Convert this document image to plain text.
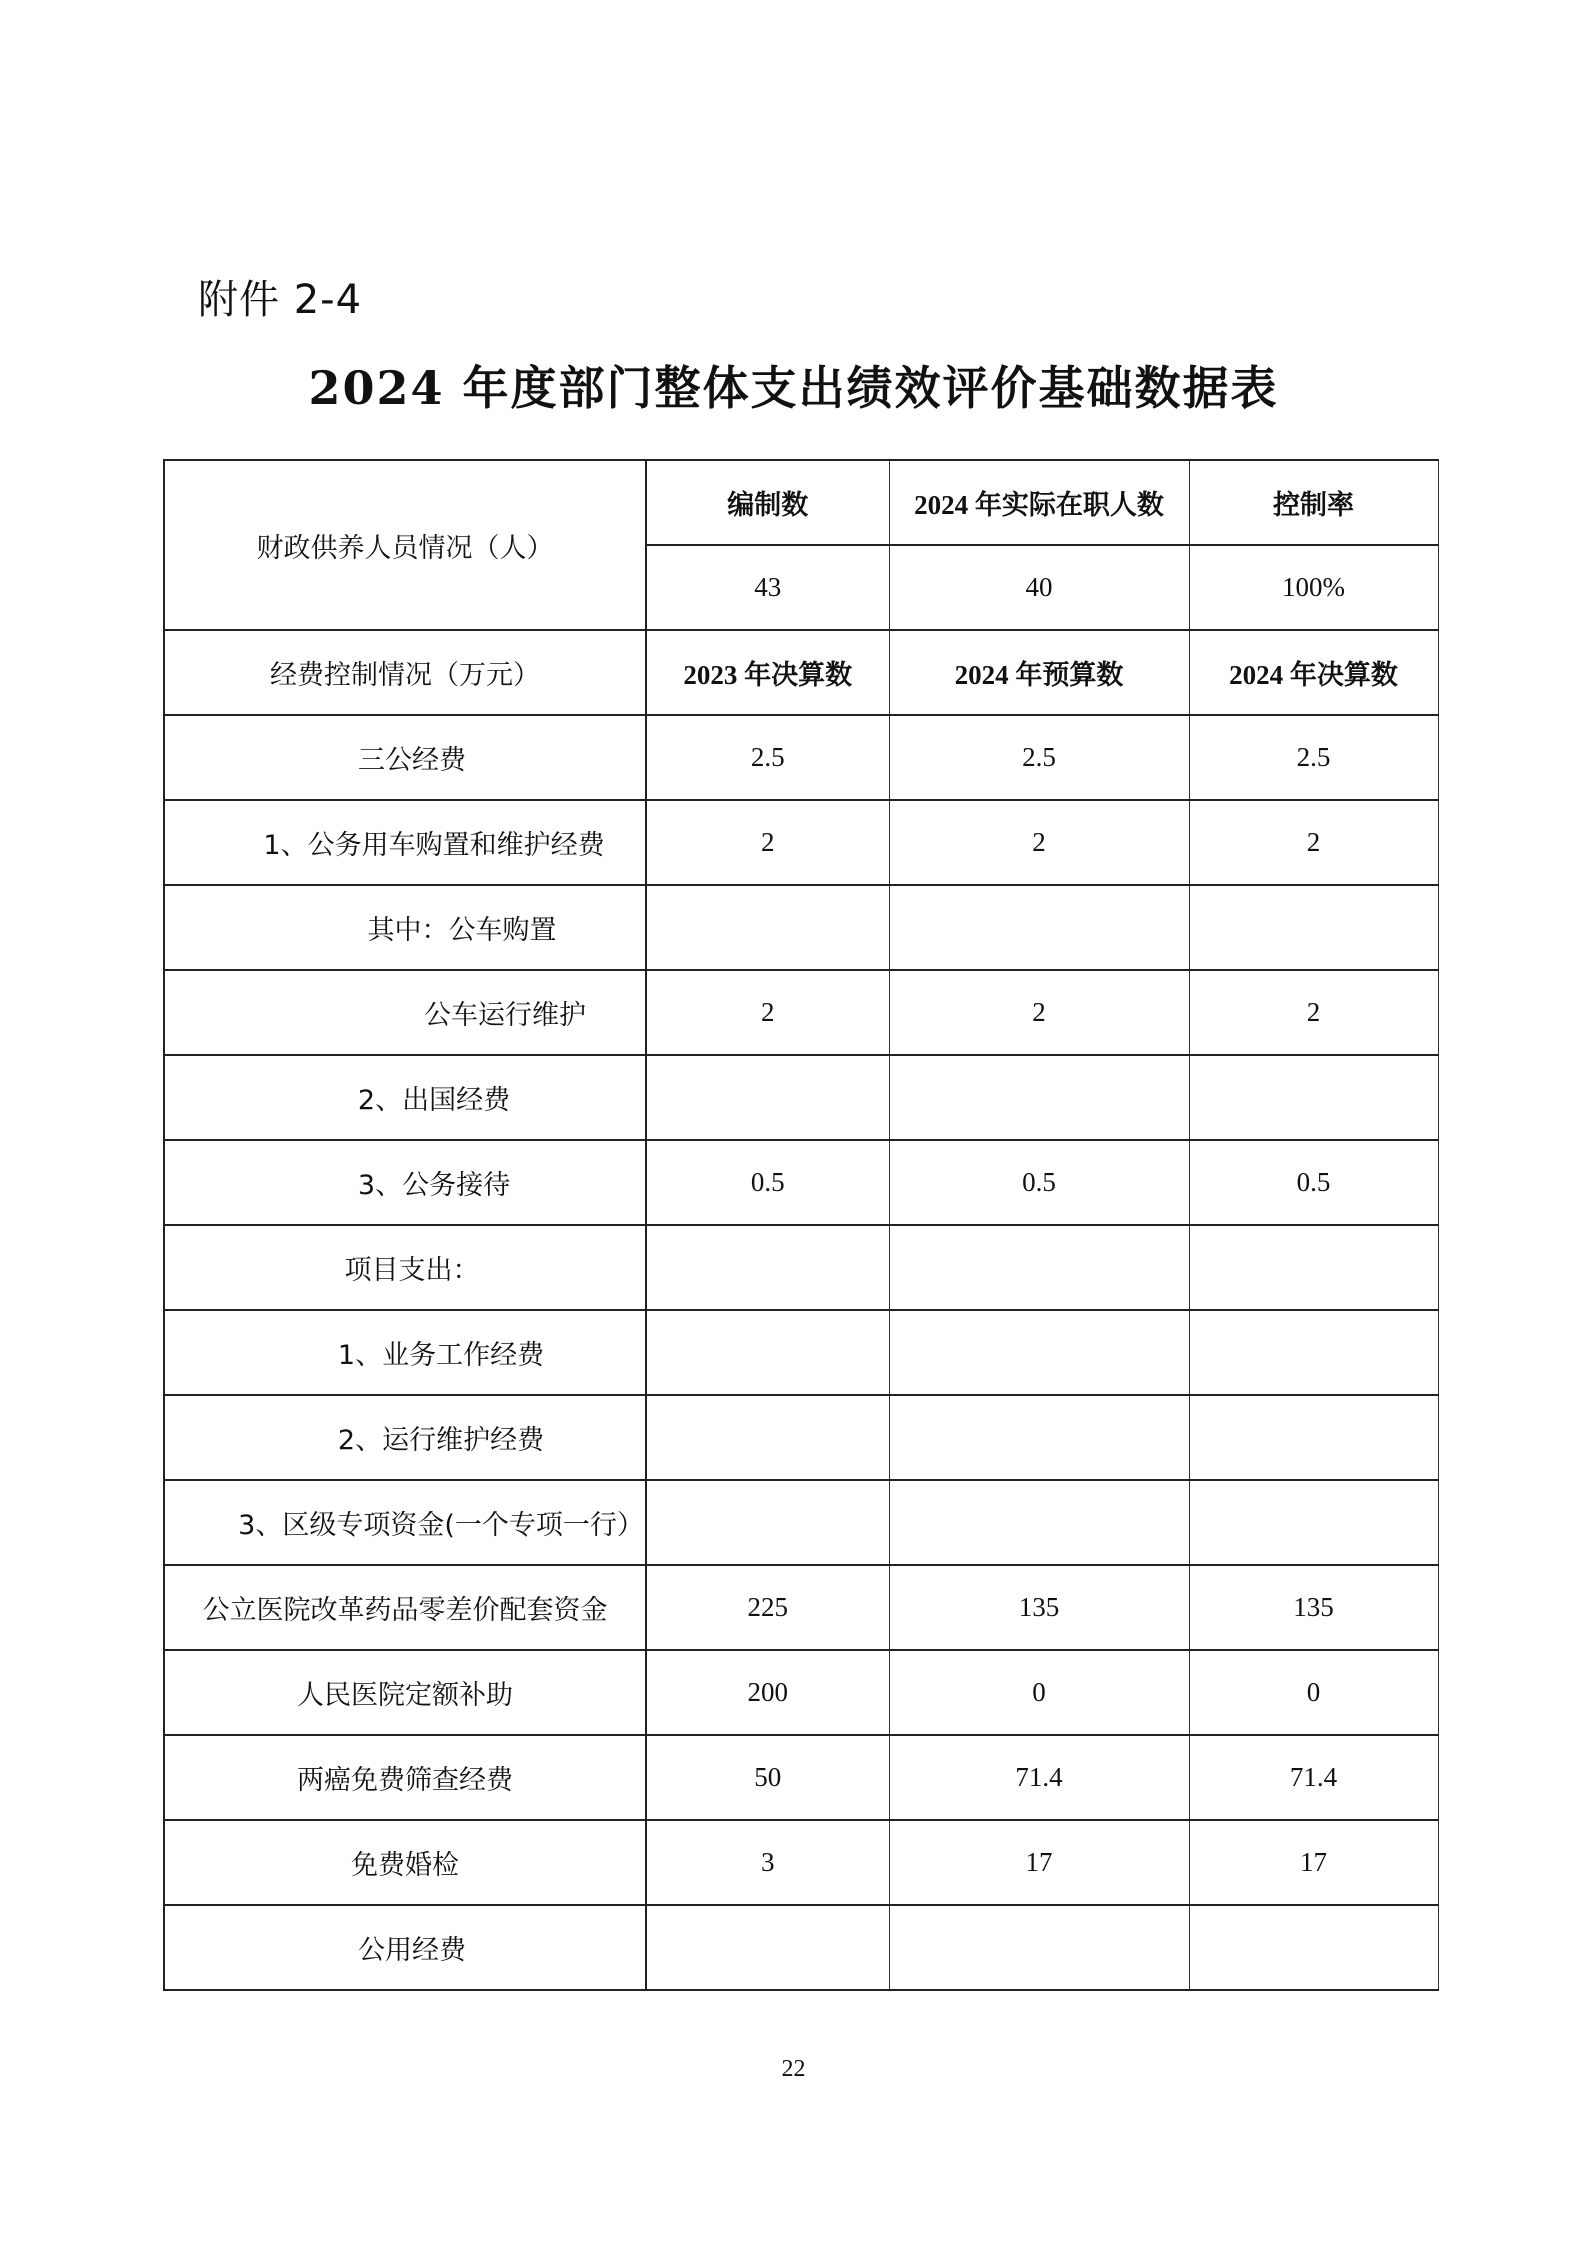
附件 2-4
2024 年度部门整体支出绩效评价基础数据表
财政供养人员情况（人）	编制数	2024 年实际在职人数	控制率
	43	40	100%
经费控制情况（万元）	2023 年决算数	2024 年预算数	2024 年决算数
三公经费	2.5	2.5	2.5
1、公务用车购置和维护经费	2	2	2
其中：公车购置			
公车运行维护	2	2	2
2、出国经费			
3、公务接待	0.5	0.5	0.5
项目支出：			
1、业务工作经费			
2、运行维护经费			
3、区级专项资金(一个专项一行）			
公立医院改革药品零差价配套资金	225	135	135
人民医院定额补助	200	0	0
两癌免费筛查经费	50	71.4	71.4
免费婚检	3	17	17
公用经费			
22
